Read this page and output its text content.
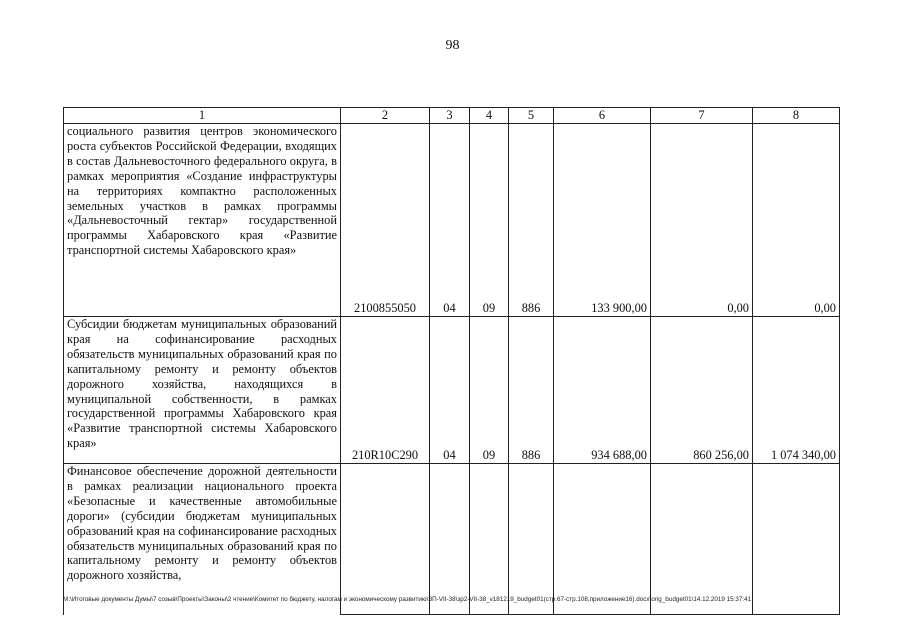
98
1	2	3	4	5	6	7	8
социального развития центров экономического роста субъектов Российской Федерации, входящих в состав Дальневосточного федерального округа, в рамках мероприятия «Создание инфраструктуры на территориях компактно расположенных земельных участков в рамках программы «Дальневосточный гектар» государственной программы Хабаровского края «Развитие транспортной системы Хабаровского края»	2100855050	04	09	886	133 900,00	0,00	0,00
Субсидии бюджетам муниципальных образований края на софинансирование расходных обязательств муниципальных образований края по капитальному ремонту и ремонту объектов дорожного хозяйства, находящихся в муниципальной собственности, в рамках государственной программы Хабаровского края «Развитие транспортной системы Хабаровского края»	210R10C290	04	09	886	934 688,00	860 256,00	1 074 340,00
Финансовое обеспечение дорожной деятельности в рамках реализации национального проекта «Безопасные и качественные автомобильные дороги» (субсидии бюджетам муниципальных образований края на софинансирование расходных обязательств муниципальных образований края по капитальному ремонту и ремонту объектов дорожного хозяйства,							
М:\Итоговые документы Думы\7 созыв\Проекты\Законы\2 чтение\Комитет по бюджету, налогам и экономическому развитию\ЗП-VII-38\зр2-VII-38_v181219_budget01(стр.67-стр.108,приложение16).docx\orig_budget01\14.12.2019 15:37:41
